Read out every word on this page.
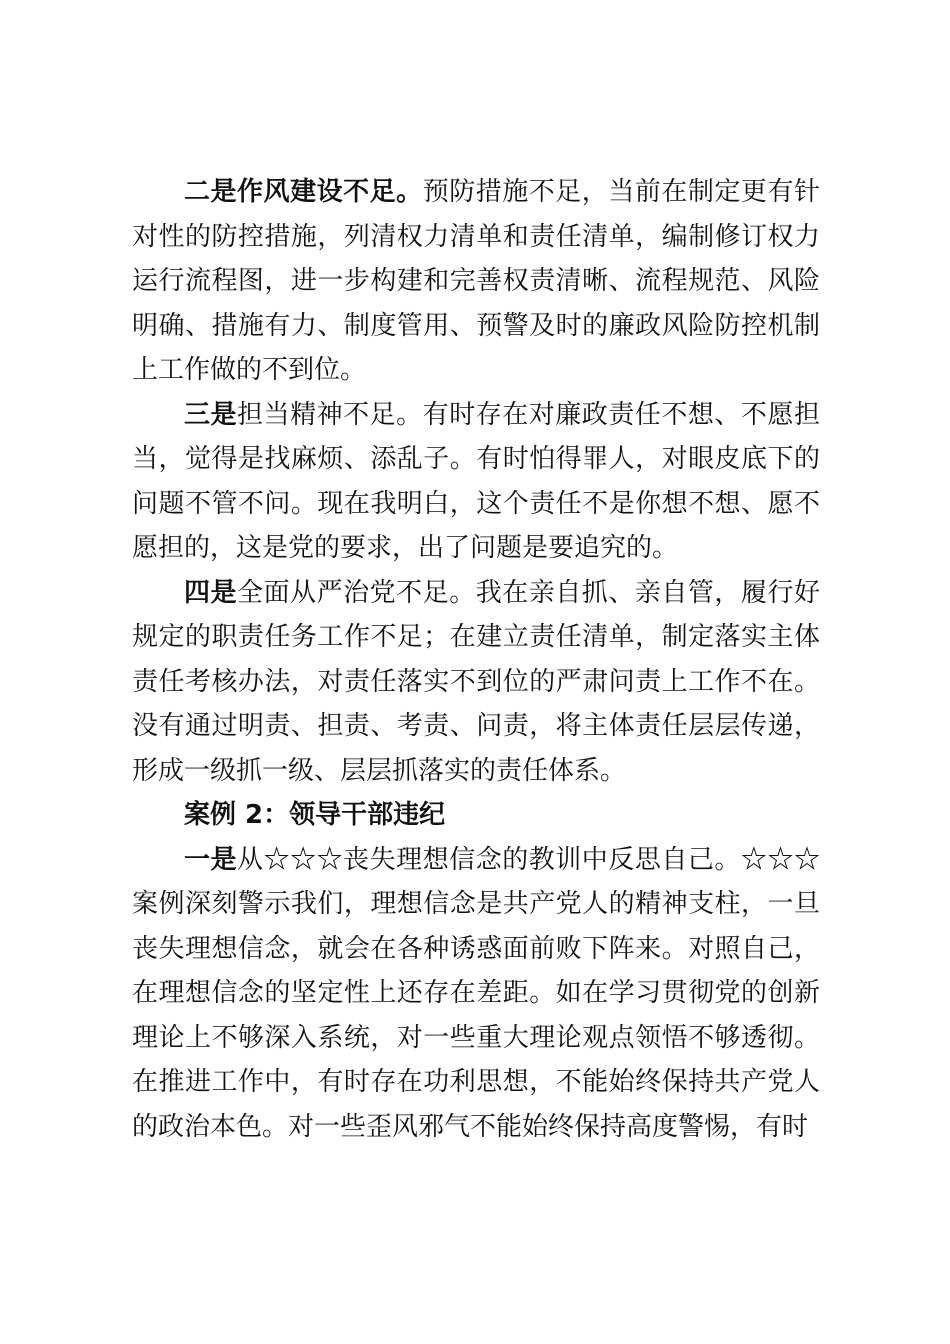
二是作风建设不足。预防措施不足，当前在制定更有针对性的防控措施，列清权力清单和责任清单，编制修订权力运行流程图，进一步构建和完善权责清晰、流程规范、风险明确、措施有力、制度管用、预警及时的廉政风险防控机制上工作做的不到位。

三是担当精神不足。有时存在对廉政责任不想、不愿担当，觉得是找麻烦、添乱子。有时怕得罪人，对眼皮底下的问题不管不问。现在我明白，这个责任不是你想不想、愿不愿担的，这是党的要求，出了问题是要追究的。

四是全面从严治党不足。我在亲自抓、亲自管，履行好规定的职责任务工作不足；在建立责任清单，制定落实主体责任考核办法，对责任落实不到位的严肃问责上工作不在。没有通过明责、担责、考责、问责，将主体责任层层传递，形成一级抓一级、层层抓落实的责任体系。

案例 2：领导干部违纪

一是从☆☆☆丧失理想信念的教训中反思自己。☆☆☆案例深刻警示我们，理想信念是共产党人的精神支柱，一旦丧失理想信念，就会在各种诱惑面前败下阵来。对照自己，在理想信念的坚定性上还存在差距。如在学习贯彻党的创新理论上不够深入系统，对一些重大理论观点领悟不够透彻。在推进工作中，有时存在功利思想，不能始终保持共产党人的政治本色。对一些歪风邪气不能始终保持高度警惕，有时
